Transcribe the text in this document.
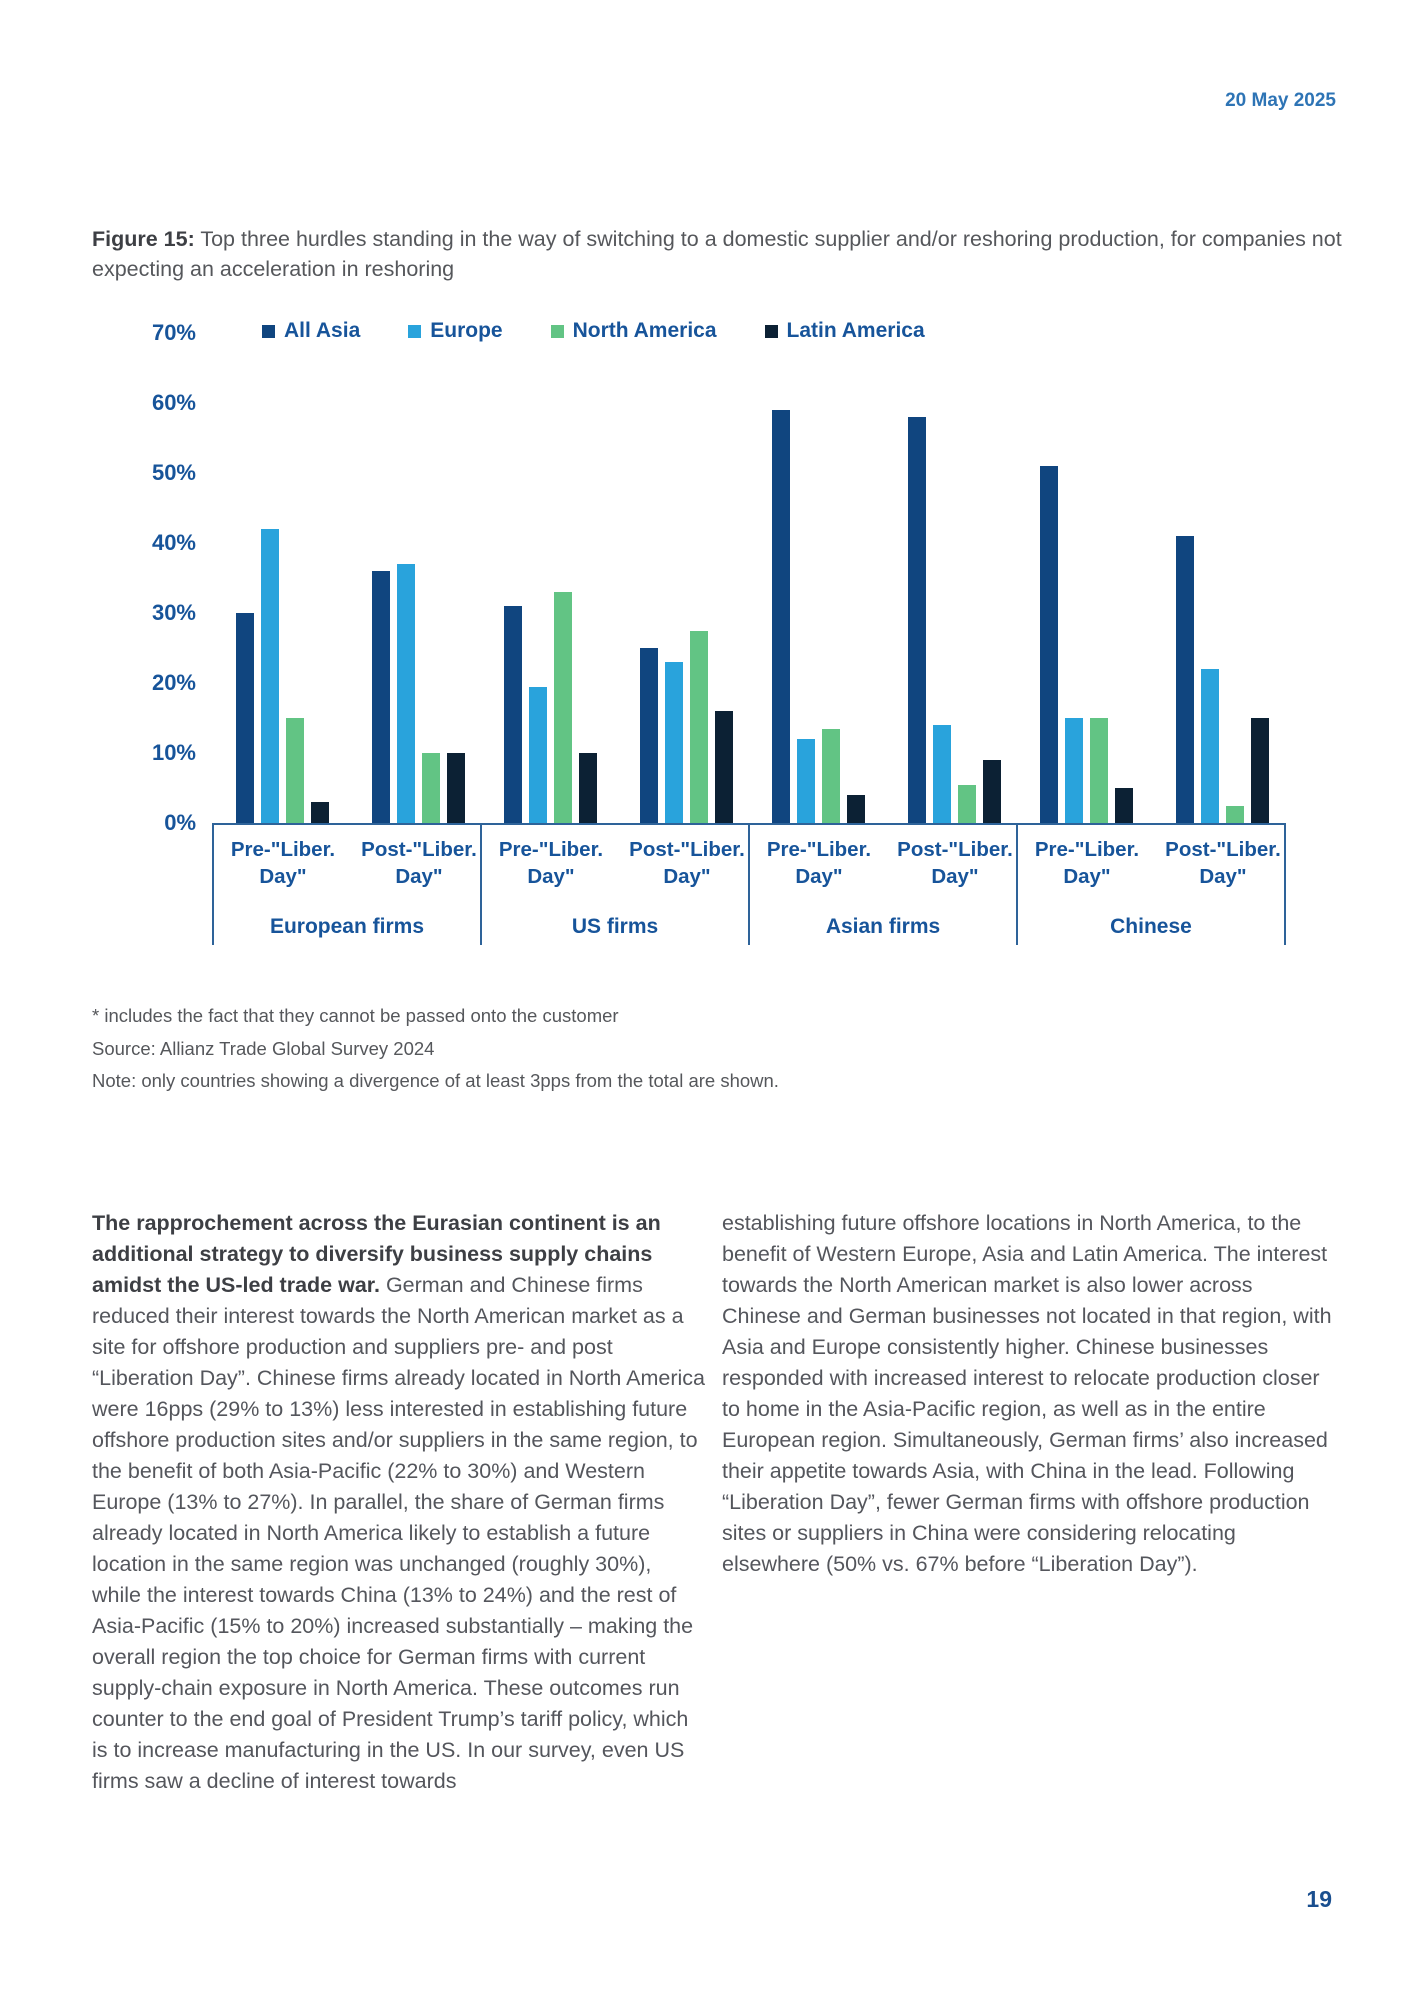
20 May 2025
Figure 15: Top three hurdles standing in the way of switching to a domestic supplier and/or reshoring production, for companies not expecting an acceleration in reshoring
70%
60%
50%
40%
30%
20%
10%
0%
All Asia	Europe	North America	Latin America
Pre-"Liber.
Day"
Post-"Liber.
Day"
European firms
Pre-"Liber.
Day"
Post-"Liber.
Day"
US firms
Pre-"Liber.
Day"
Post-"Liber.
Day"
Asian firms
Pre-"Liber.
Day"
Post-"Liber.
Day"
Chinese

* includes the fact that they cannot be passed onto the customer

Source: Allianz Trade Global Survey 2024

Note: only countries showing a divergence of at least 3pps from the total are shown.

The rapprochement across the Eurasian continent is an additional strategy to diversify business supply chains amidst the US-led trade war. German and Chinese firms reduced their interest towards the North American market as a site for offshore production and suppliers pre- and post “Liberation Day”. Chinese firms already located in North America were 16pps (29% to 13%) less interested in establishing future offshore production sites and/or suppliers in the same region, to the benefit of both Asia-Pacific (22% to 30%) and Western Europe (13% to 27%). In parallel, the share of German firms already located in North America likely to establish a future location in the same region was unchanged (roughly 30%), while the interest towards China (13% to 24%) and the rest of Asia-Pacific (15% to 20%) increased substantially – making the overall region the top choice for German firms with current supply-chain exposure in North America. These outcomes run counter to the end goal of President Trump’s tariff policy, which is to increase manufacturing in the US. In our survey, even US firms saw a decline of interest towards

establishing future offshore locations in North America, to the benefit of Western Europe, Asia and Latin America. The interest towards the North American market is also lower across Chinese and German businesses not located in that region, with Asia and Europe consistently higher. Chinese businesses responded with increased interest to relocate production closer to home in the Asia-Pacific region, as well as in the entire European region. Simultaneously, German firms’ also increased their appetite towards Asia, with China in the lead. Following “Liberation Day”, fewer German firms with offshore production sites or suppliers in China were considering relocating elsewhere (50% vs. 67% before “Liberation Day”).

19
